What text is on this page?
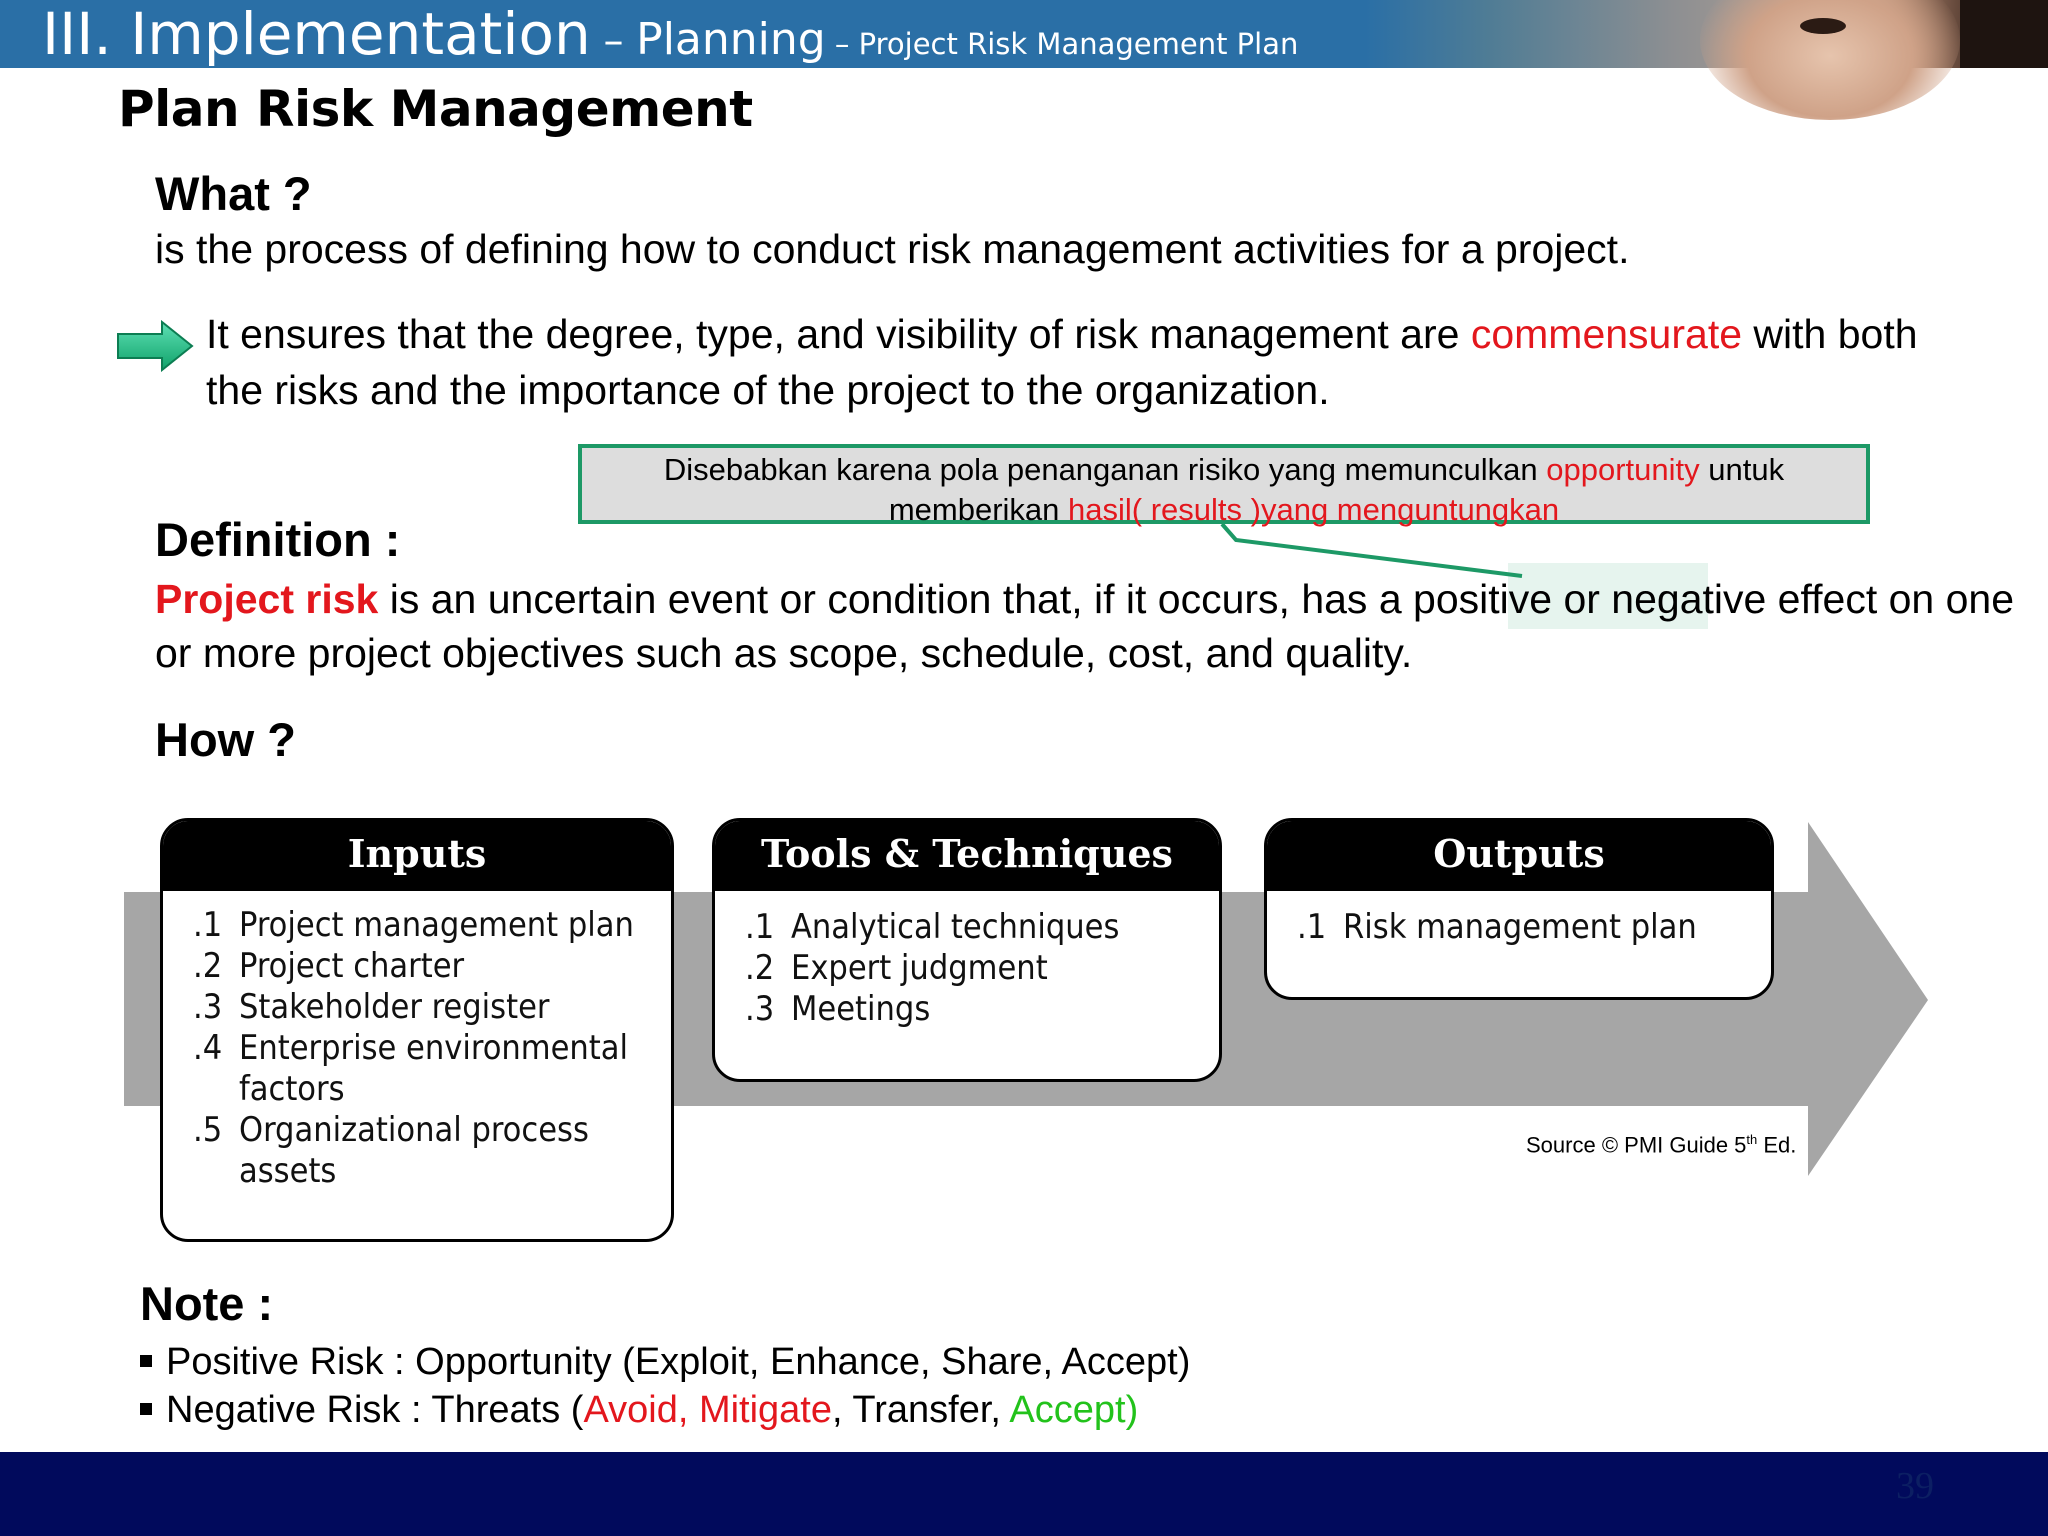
III. Implementation – Planning – Project Risk Management Plan
Plan Risk Management
What ?
is the process of defining how to conduct risk management activities for a project.
It ensures that the degree, type, and visibility of risk management are commensurate with both the risks and the importance of the project to the organization.
Disebabkan karena pola penanganan risiko yang memunculkan opportunity untuk
memberikan hasil( results )yang menguntungkan
Definition :
Project risk is an uncertain event or condition that, if it occurs, has a positive or negative effect on one or more project objectives such as scope, schedule, cost, and quality.
How ?
Inputs
.1 Project management plan
.2 Project charter
.3 Stakeholder register
.4 Enterprise environmental factors
.5 Organizational process assets
Tools & Techniques
.1 Analytical techniques
.2 Expert judgment
.3 Meetings
Outputs
.1 Risk management plan
Source © PMI Guide 5th Ed.
Note :
Positive Risk : Opportunity (Exploit, Enhance, Share, Accept)
Negative Risk : Threats (Avoid, Mitigate, Transfer, Accept)
39
